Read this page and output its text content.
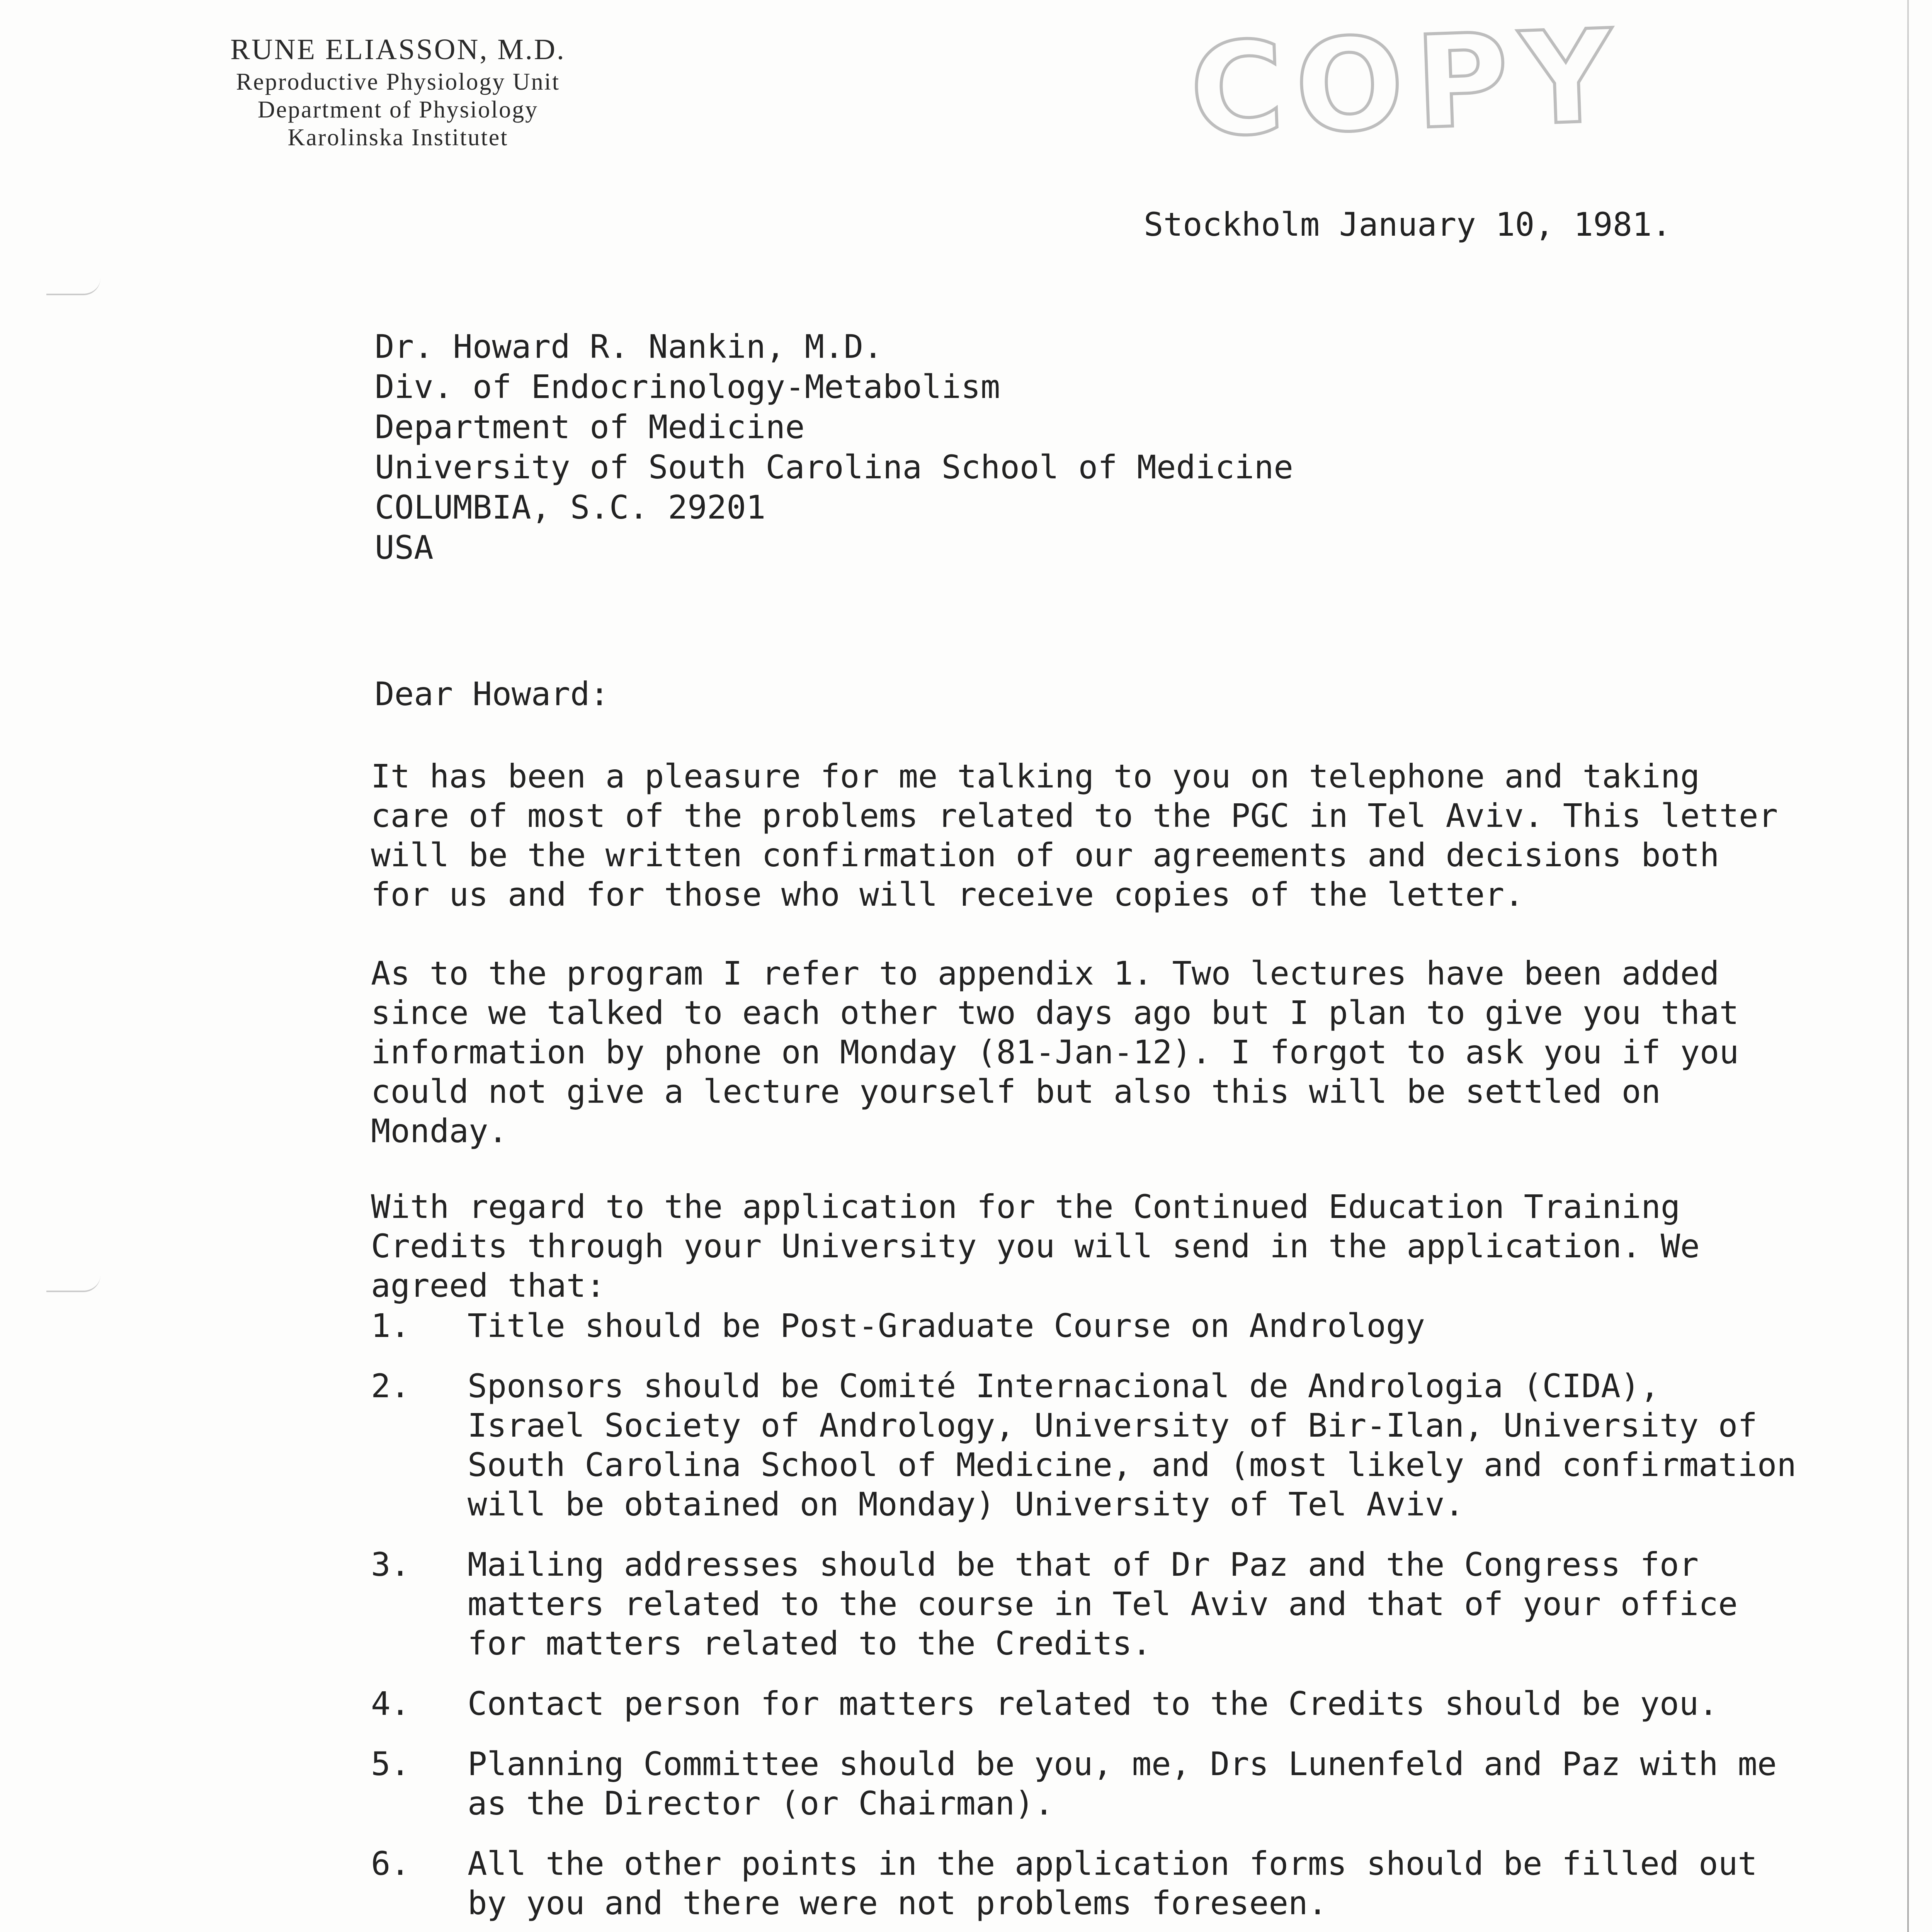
RUNE ELIASSON, M.D.
Reproductive Physiology Unit
Department of Physiology
Karolinska Institutet	COPY
Stockholm January 10, 1981.
Dr. Howard R. Nankin, M.D.
Div. of Endocrinology-Metabolism
Department of Medicine
University of South Carolina School of Medicine
COLUMBIA, S.C. 29201
USA
Dear Howard:
It has been a pleasure for me talking to you on telephone and taking
care of most of the problems related to the PGC in Tel Aviv. This letter
will be the written confirmation of our agreements and decisions both
for us and for those who will receive copies of the letter.
As to the program I refer to appendix 1. Two lectures have been added
since we talked to each other two days ago but I plan to give you that
information by phone on Monday (81-Jan-12). I forgot to ask you if you
could not give a lecture yourself but also this will be settled on
Monday.
With regard to the application for the Continued Education Training
Credits through your University you will send in the application. We
agreed that:
1. Title should be Post-Graduate Course on Andrology
2. Sponsors should be Comité Internacional de Andrologia (CIDA),
Israel Society of Andrology, University of Bir-Ilan, University of
South Carolina School of Medicine, and (most likely and confirmation
will be obtained on Monday) University of Tel Aviv.
3. Mailing addresses should be that of Dr Paz and the Congress for
matters related to the course in Tel Aviv and that of your office
for matters related to the Credits.
4. Contact person for matters related to the Credits should be you.
5. Planning Committee should be you, me, Drs Lunenfeld and Paz with me
as the Director (or Chairman).
6. All the other points in the application forms should be filled out
by you and there were not problems foreseen.
